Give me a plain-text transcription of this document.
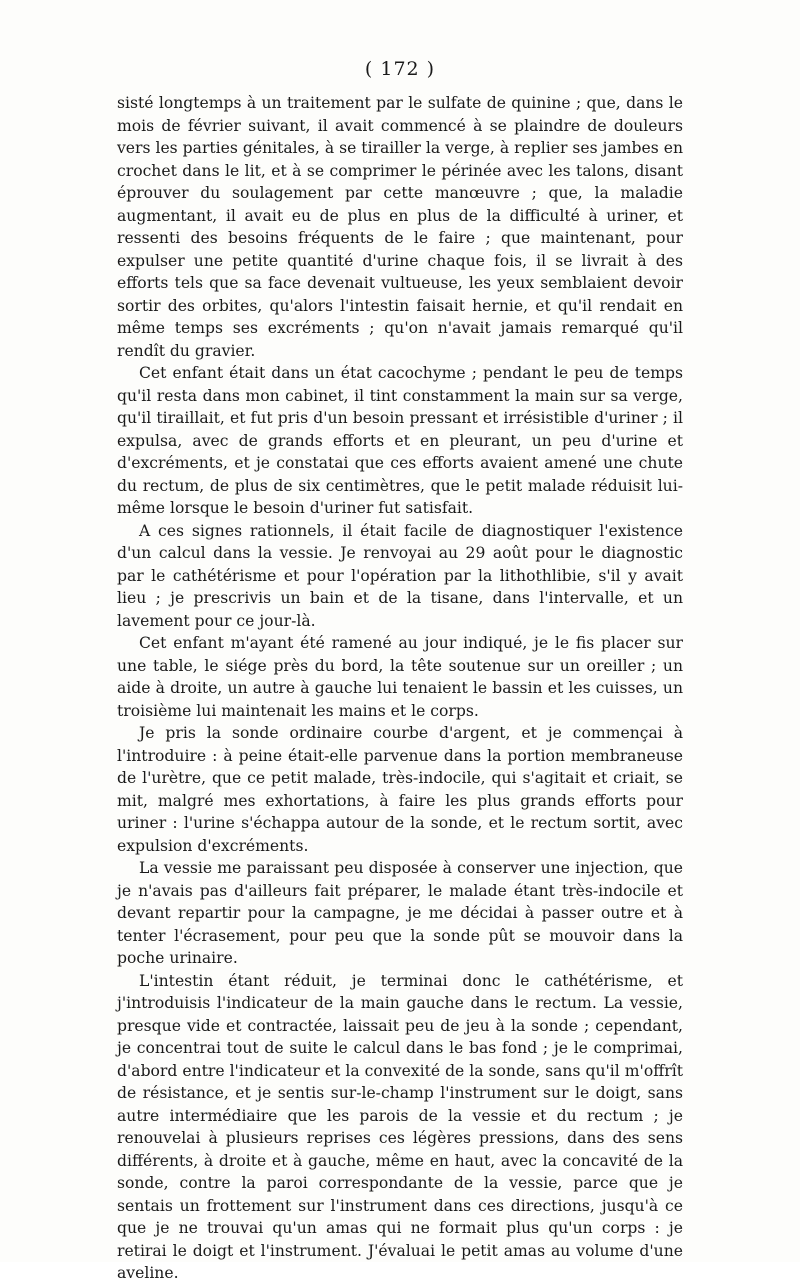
( 172 )

sisté longtemps à un traitement par le sulfate de quinine ; que, dans le mois de février suivant, il avait commencé à se plaindre de douleurs vers les parties génitales, à se tirailler la verge, à replier ses jambes en crochet dans le lit, et à se comprimer le périnée avec les talons, disant éprouver du soulagement par cette manœuvre ; que, la maladie augmentant, il avait eu de plus en plus de la difficulté à uriner, et ressenti des besoins fréquents de le faire ; que maintenant, pour expulser une petite quantité d'urine chaque fois, il se livrait à des efforts tels que sa face devenait vultueuse, les yeux semblaient devoir sortir des orbites, qu'alors l'intestin faisait hernie, et qu'il rendait en même temps ses excréments ; qu'on n'avait jamais remarqué qu'il rendît du gravier.

Cet enfant était dans un état cacochyme ; pendant le peu de temps qu'il resta dans mon cabinet, il tint constamment la main sur sa verge, qu'il tiraillait, et fut pris d'un besoin pressant et irrésistible d'uriner ; il expulsa, avec de grands efforts et en pleurant, un peu d'urine et d'excréments, et je constatai que ces efforts avaient amené une chute du rectum, de plus de six centimètres, que le petit malade réduisit lui-même lorsque le besoin d'uriner fut satisfait.

A ces signes rationnels, il était facile de diagnostiquer l'existence d'un calcul dans la vessie. Je renvoyai au 29 août pour le diagnostic par le cathétérisme et pour l'opération par la lithothlibie, s'il y avait lieu ; je prescrivis un bain et de la tisane, dans l'intervalle, et un lavement pour ce jour-là.

Cet enfant m'ayant été ramené au jour indiqué, je le fis placer sur une table, le siége près du bord, la tête soutenue sur un oreiller ; un aide à droite, un autre à gauche lui tenaient le bassin et les cuisses, un troisième lui maintenait les mains et le corps.

Je pris la sonde ordinaire courbe d'argent, et je commençai à l'introduire : à peine était-elle parvenue dans la portion membraneuse de l'urètre, que ce petit malade, très-indocile, qui s'agitait et criait, se mit, malgré mes exhortations, à faire les plus grands efforts pour uriner : l'urine s'échappa autour de la sonde, et le rectum sortit, avec expulsion d'excréments.

La vessie me paraissant peu disposée à conserver une injection, que je n'avais pas d'ailleurs fait préparer, le malade étant très-indocile et devant repartir pour la campagne, je me décidai à passer outre et à tenter l'écrasement, pour peu que la sonde pût se mouvoir dans la poche urinaire.

L'intestin étant réduit, je terminai donc le cathétérisme, et j'introduisis l'indicateur de la main gauche dans le rectum. La vessie, presque vide et contractée, laissait peu de jeu à la sonde ; cependant, je concentrai tout de suite le calcul dans le bas fond ; je le comprimai, d'abord entre l'indicateur et la convexité de la sonde, sans qu'il m'offrît de résistance, et je sentis sur-le-champ l'instrument sur le doigt, sans autre intermédiaire que les parois de la vessie et du rectum ; je renouvelai à plusieurs reprises ces légères pressions, dans des sens différents, à droite et à gauche, même en haut, avec la concavité de la sonde, contre la paroi correspondante de la vessie, parce que je sentais un frottement sur l'instrument dans ces directions, jusqu'à ce que je ne trouvai qu'un amas qui ne formait plus qu'un corps : je retirai le doigt et l'instrument. J'évaluai le petit amas au volume d'une aveline.
